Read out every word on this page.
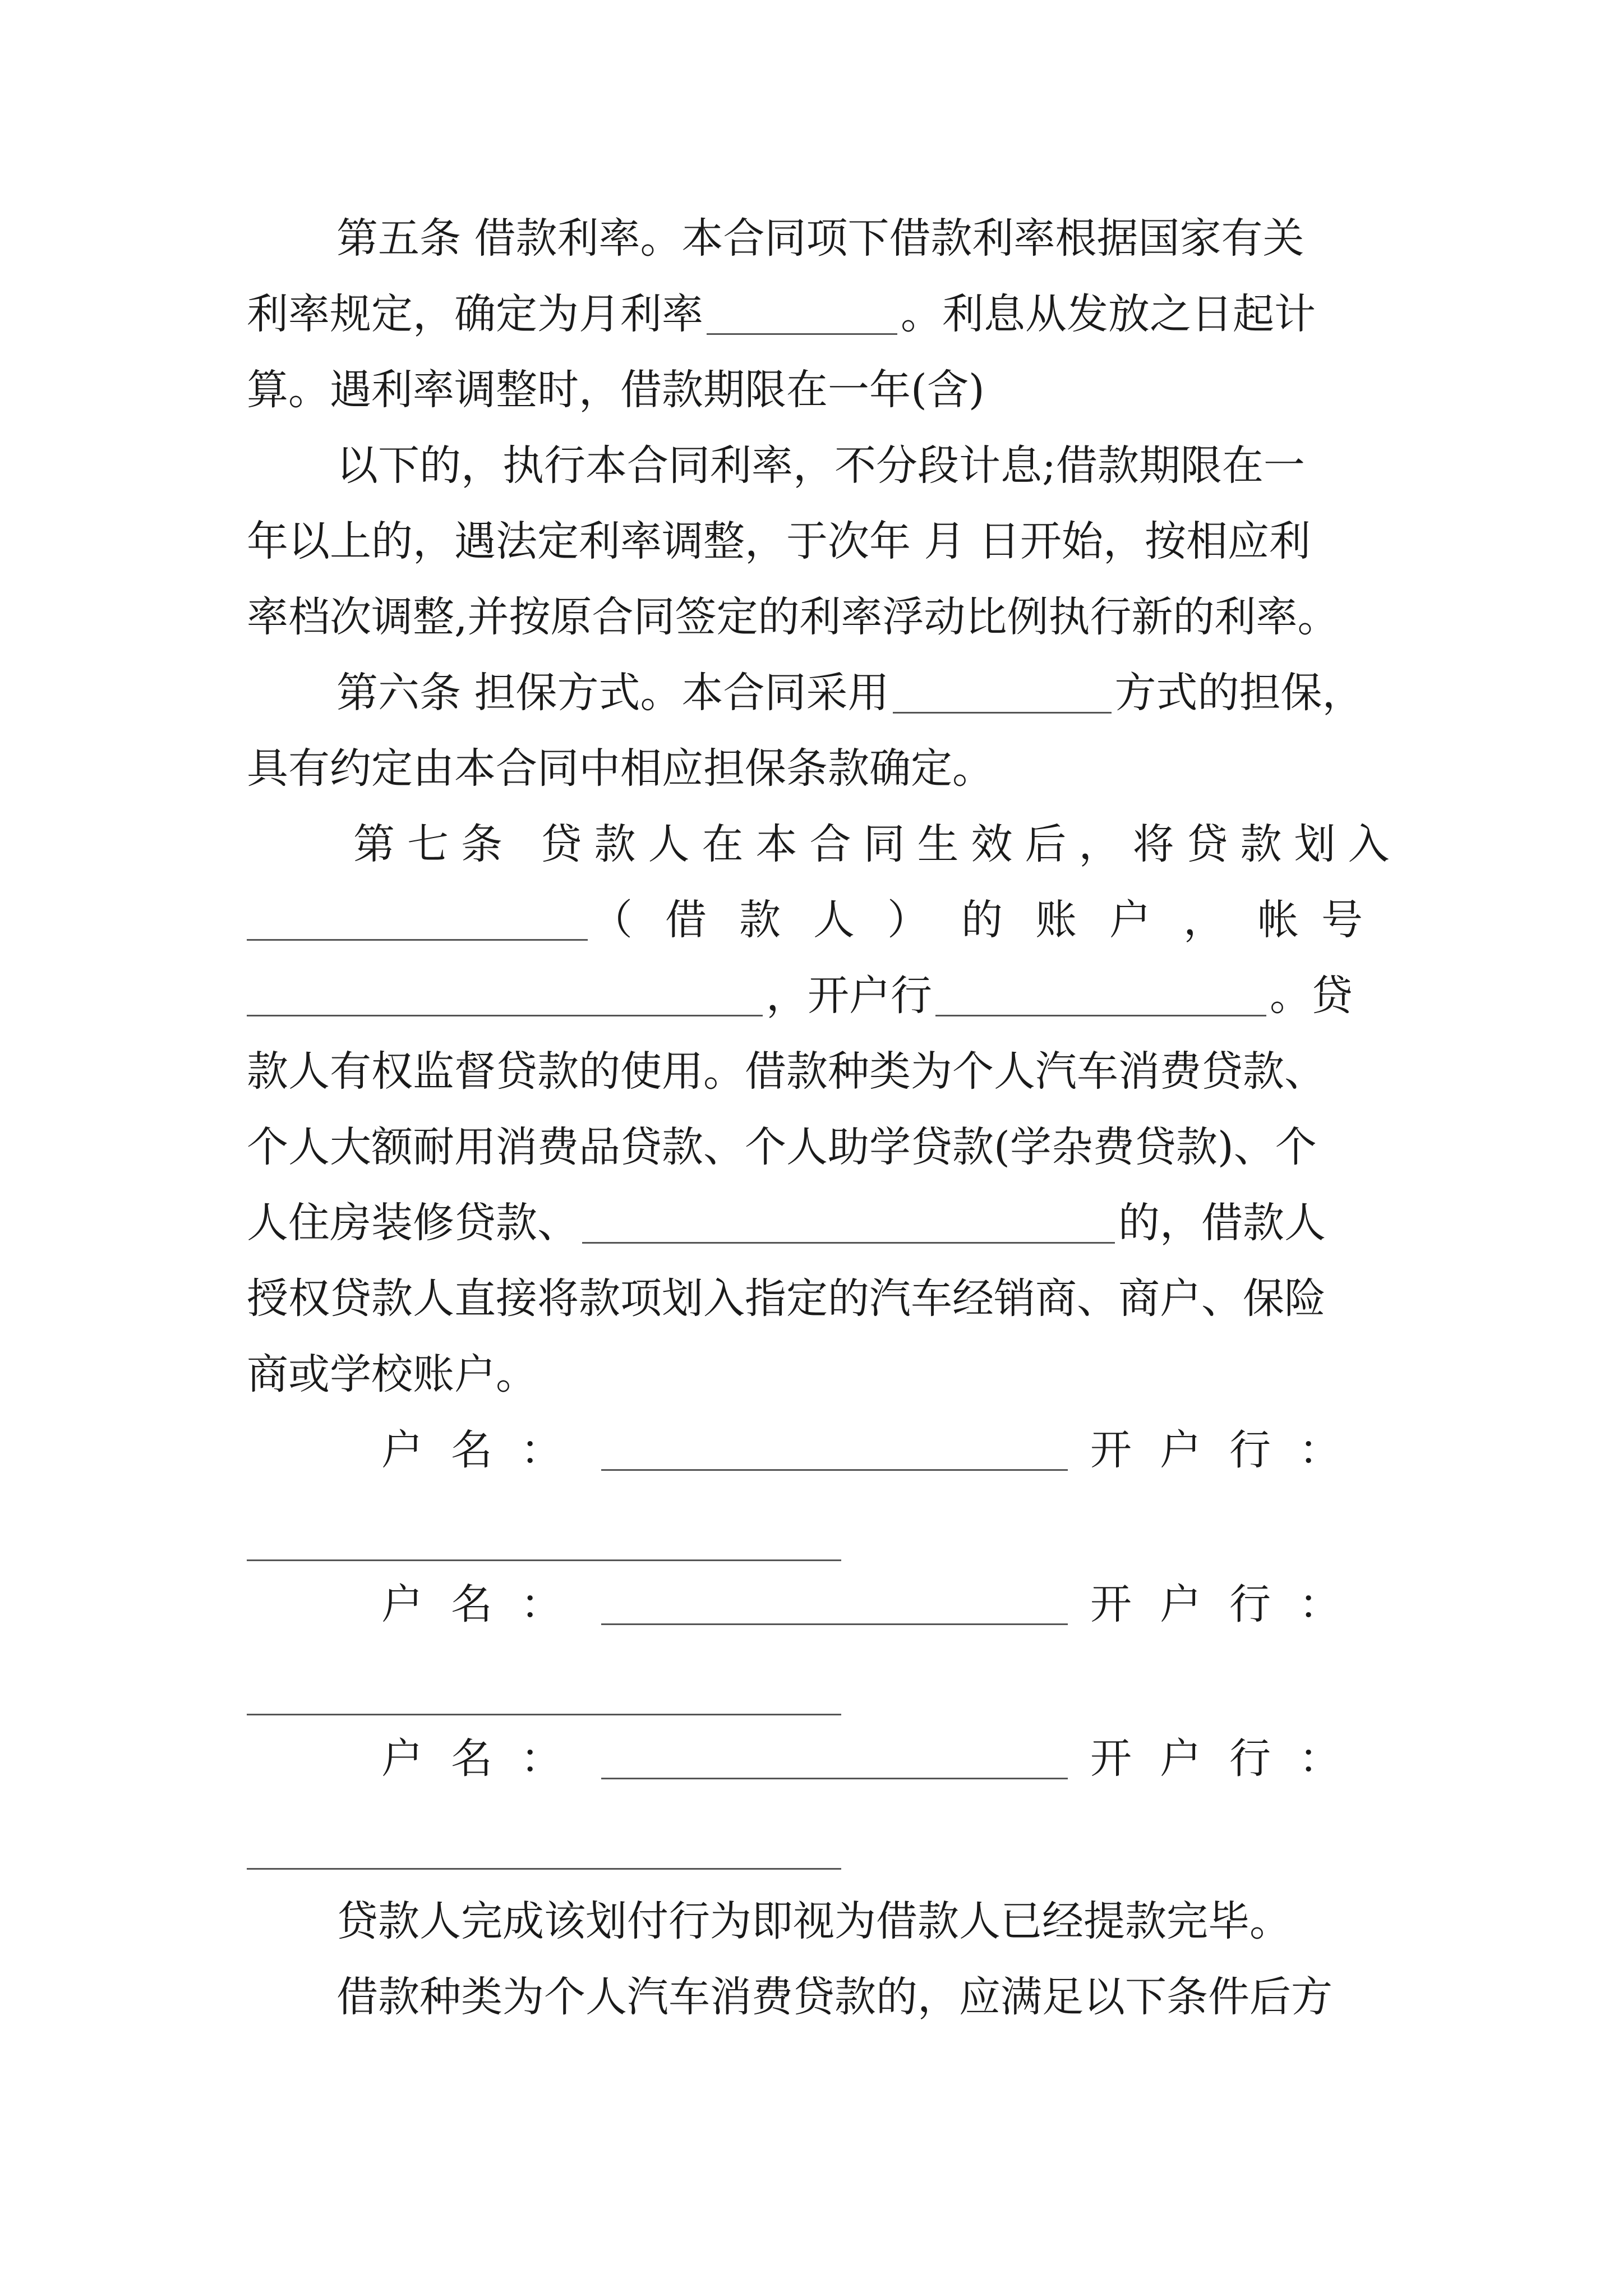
第五条 借款利率。本合同项下借款利率根据国家有关
利率规定，确定为月利率	。利息从发放之日起计
算。遇利率调整时，借款期限在一年(含)
以下的，执行本合同利率，不分段计息;借款期限在一
年以上的，遇法定利率调整，于次年 月 日开始，按相应利
率档次调整,并按原合同签定的利率浮动比例执行新的利率。
第六条 担保方式。本合同采用	方式的担保，
具有约定由本合同中相应担保条款确定。
第七条 贷款人在本合同生效后，将贷款划入
（借款人）的账户， 帐号
，开户行	。贷
款人有权监督贷款的使用。借款种类为个人汽车消费贷款、
个人大额耐用消费品贷款、个人助学贷款(学杂费贷款)、个
人住房装修贷款、	的，借款人
授权贷款人直接将款项划入指定的汽车经销商、商户、保险
商或学校账户。
户名：	开户行：
户名：	开户行：
户名：	开户行：
贷款人完成该划付行为即视为借款人已经提款完毕。
借款种类为个人汽车消费贷款的，应满足以下条件后方
